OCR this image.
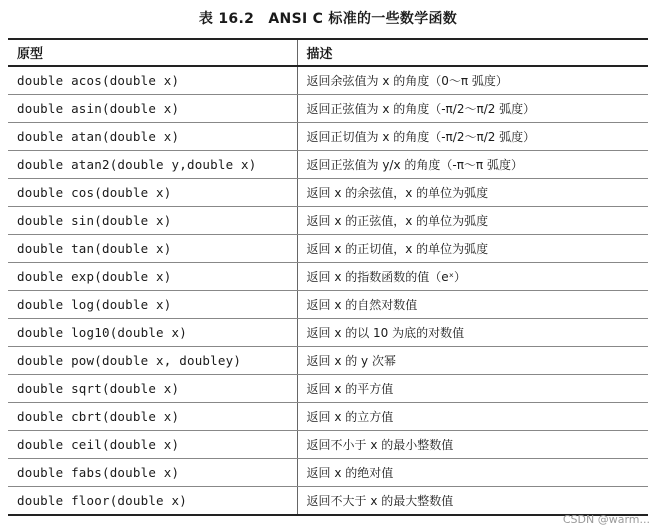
表 16.2　ANSI C 标准的一些数学函数
原型	描述
double acos(double x)	返回余弦值为 x 的角度（0～π 弧度）
double asin(double x)	返回正弦值为 x 的角度（-π/2～π/2 弧度）
double atan(double x)	返回正切值为 x 的角度（-π/2～π/2 弧度）
double atan2(double y,double x)	返回正弦值为 y/x 的角度（-π～π 弧度）
double cos(double x)	返回 x 的余弦值，x 的单位为弧度
double sin(double x)	返回 x 的正弦值，x 的单位为弧度
double tan(double x)	返回 x 的正切值，x 的单位为弧度
double exp(double x)	返回 x 的指数函数的值（eˣ）
double log(double x)	返回 x 的自然对数值
double log10(double x)	返回 x 的以 10 为底的对数值
double pow(double x, doubley)	返回 x 的 y 次幂
double sqrt(double x)	返回 x 的平方值
double cbrt(double x)	返回 x 的立方值
double ceil(double x)	返回不小于 x 的最小整数值
double fabs(double x)	返回 x 的绝对值
double floor(double x)	返回不大于 x 的最大整数值
CSDN @warm...
